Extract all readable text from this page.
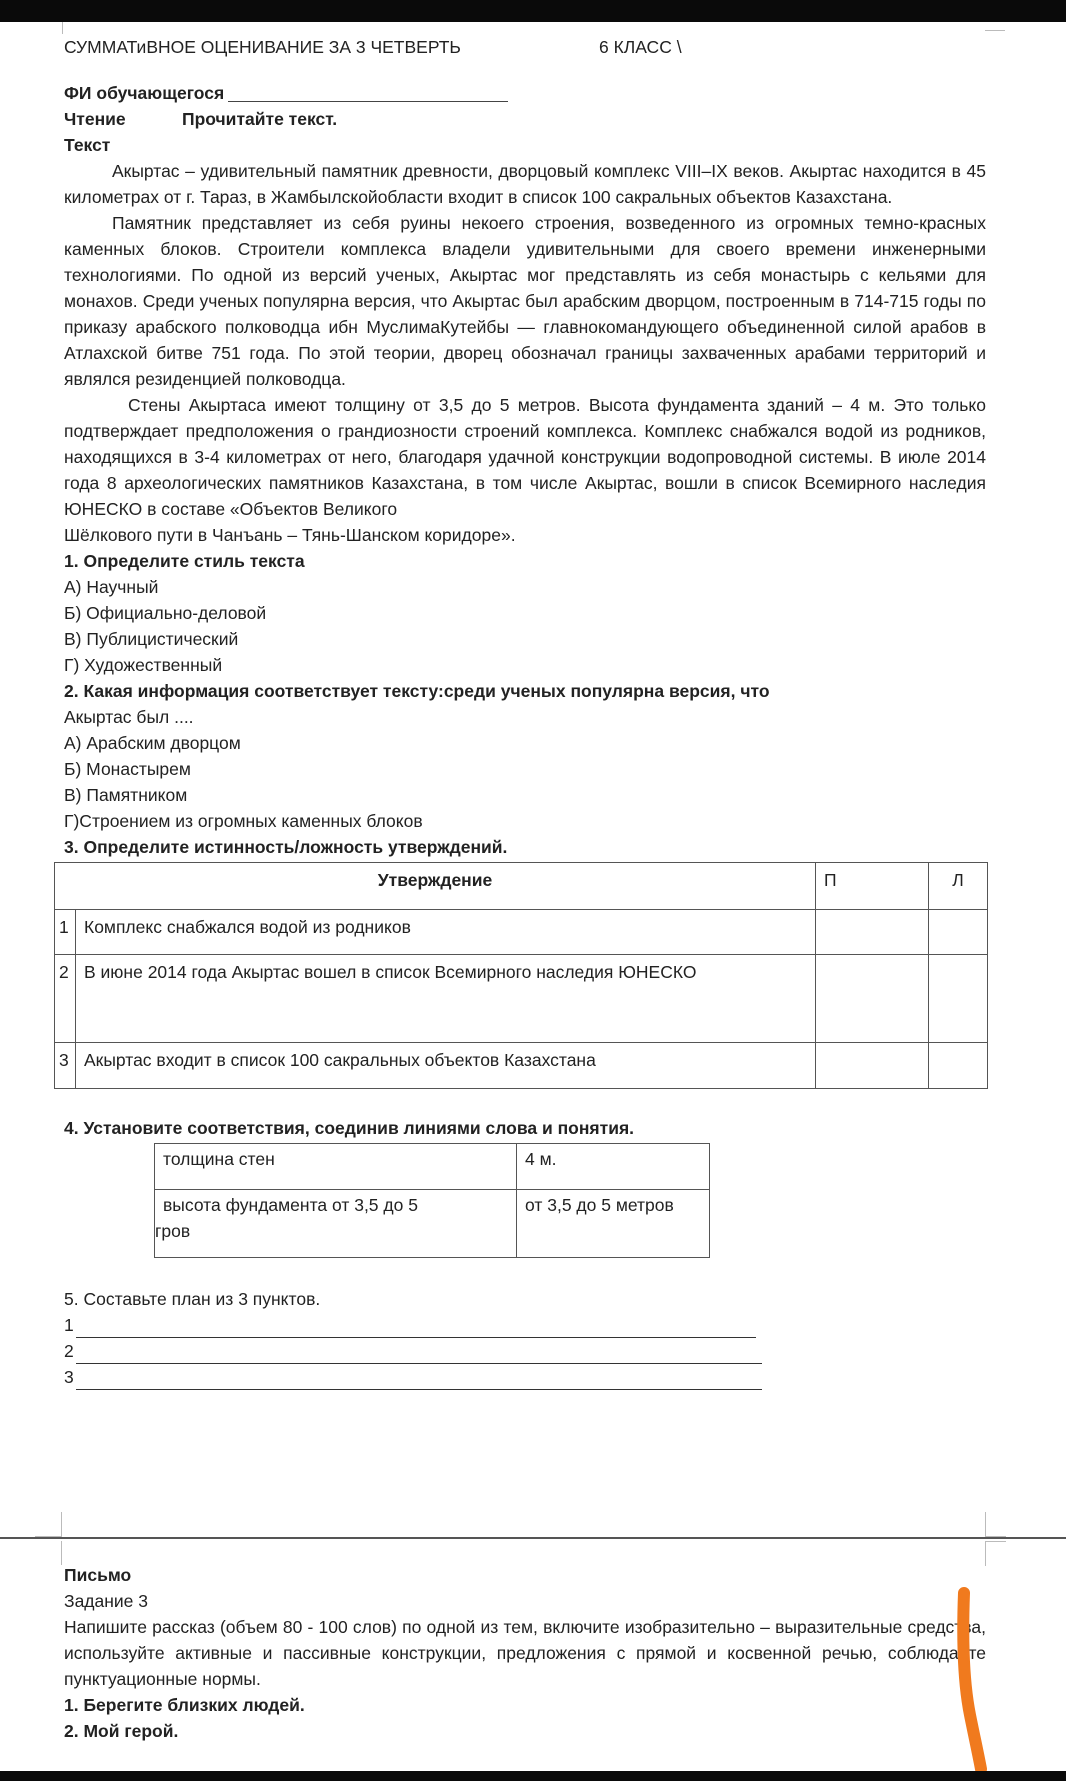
СУММАТиВНОЕ ОЦЕНИВАНИЕ ЗА 3 ЧЕТВЕРТЬ	6 КЛАСС \
ФИ обучающегося
Чтение	Прочитайте текст.
Текст

Акыртас – удивительный памятник древности, дворцовый комплекс VIII–IX веков. Акыртас находится в 45 километрах от г. Тараз, в Жамбылскойобласти входит в список 100 сакральных объектов Казахстана.

Памятник представляет из себя руины некоего строения, возведенного из огромных темно-красных каменных блоков. Строители комплекса владели удивительными для своего времени инженерными технологиями. По одной из версий ученых, Акыртас мог представлять из себя монастырь с кельями для монахов. Среди ученых популярна версия, что Акыртас был арабским дворцом, построенным в 714-715 годы по приказу арабского полководца ибн МуслимаКутейбы — главнокомандующего объединенной силой арабов в Атлахской битве 751 года. По этой теории, дворец обозначал границы захваченных арабами территорий и являлся резиденцией полководца.

Стены Акыртаса имеют толщину от 3,5 до 5 метров. Высота фундамента зданий – 4 м. Это только подтверждает предположения о грандиозности строений комплекса. Комплекс снабжался водой из родников, находящихся в 3-4 километрах от него, благодаря удачной конструкции водопроводной системы. В июле 2014 года 8 археологических памятников Казахстана, в том числе Акыртас, вошли в список Всемирного наследия ЮНЕСКО в составе «Объектов Великого

Шёлкового пути в Чанъань – Тянь-Шанском коридоре».

1. Определите стиль текста
А) Научный
Б) Официально-деловой
В) Публицистический
Г) Художественный
2. Какая информация соответствует тексту:среди ученых популярна версия, что
Акыртас был ....
А) Арабским дворцом
Б) Монастырем
В) Памятником
Г)Строением из огромных каменных блоков
3. Определите истинность/ложность утверждений.
Утверждение		П	Л
1	Комплекс снабжался водой из родников		
2	В июне 2014 года Акыртас вошел в список Всемирного наследия ЮНЕСКО		
3	Акыртас входит в список 100 сакральных объектов Казахстана		
4. Установите соответствия, соединив линиями слова и понятия.
толщина стен	4 м.

высота фундамента от 3,5 до 5
гров	от 3,5 до 5 метров
5. Составьте план из 3 пунктов.
1
2
3
Письмо
Задание 3

Напишите рассказ (объем 80 - 100 слов) по одной из тем, включите изобразительно – выразительные средства, используйте активные и пассивные конструкции, предложения с прямой и косвенной речью, соблюдайте пунктуационные нормы.

1. Берегите близких людей.
2. Мой герой.
